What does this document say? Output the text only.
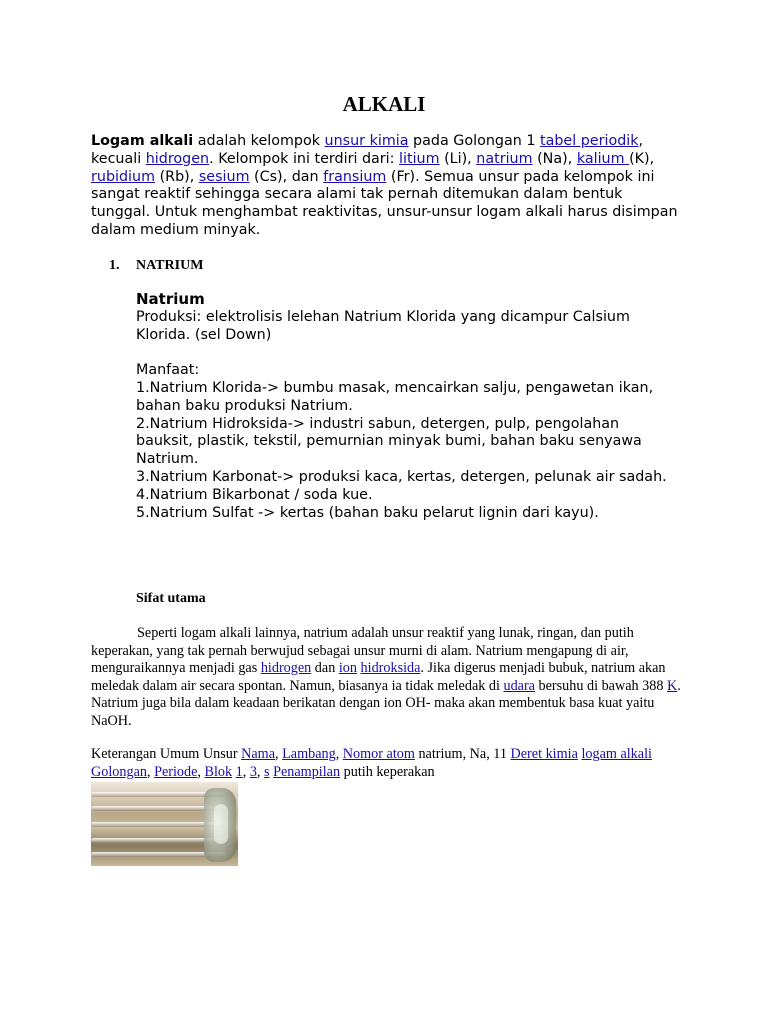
ALKALI
Logam alkali adalah kelompok unsur kimia pada Golongan 1 tabel periodik, kecuali hidrogen. Kelompok ini terdiri dari: litium (Li), natrium (Na), kalium (K), rubidium (Rb), sesium (Cs), dan fransium (Fr). Semua unsur pada kelompok ini sangat reaktif sehingga secara alami tak pernah ditemukan dalam bentuk tunggal. Untuk menghambat reaktivitas, unsur-unsur logam alkali harus disimpan dalam medium minyak.
1. NATRIUM
Natrium
Produksi: elektrolisis lelehan Natrium Klorida yang dicampur Calsium Klorida. (sel Down)
Manfaat:
1.Natrium Klorida-> bumbu masak, mencairkan salju, pengawetan ikan, bahan baku produksi Natrium.
2.Natrium Hidroksida-> industri sabun, detergen, pulp, pengolahan bauksit, plastik, tekstil, pemurnian minyak bumi, bahan baku senyawa Natrium.
3.Natrium Karbonat-> produksi kaca, kertas, detergen, pelunak air sadah.
4.Natrium Bikarbonat / soda kue.
5.Natrium Sulfat -> kertas (bahan baku pelarut lignin dari kayu).
Sifat utama
Seperti logam alkali lainnya, natrium adalah unsur reaktif yang lunak, ringan, dan putih keperakan, yang tak pernah berwujud sebagai unsur murni di alam. Natrium mengapung di air, menguraikannya menjadi gas hidrogen dan ion hidroksida. Jika digerus menjadi bubuk, natrium akan meledak dalam air secara spontan. Namun, biasanya ia tidak meledak di udara bersuhu di bawah 388 K. Natrium juga bila dalam keadaan berikatan dengan ion OH- maka akan membentuk basa kuat yaitu NaOH.
Keterangan Umum Unsur Nama, Lambang, Nomor atom natrium, Na, 11 Deret kimia logam alkali Golongan, Periode, Blok 1, 3, s Penampilan putih keperakan
